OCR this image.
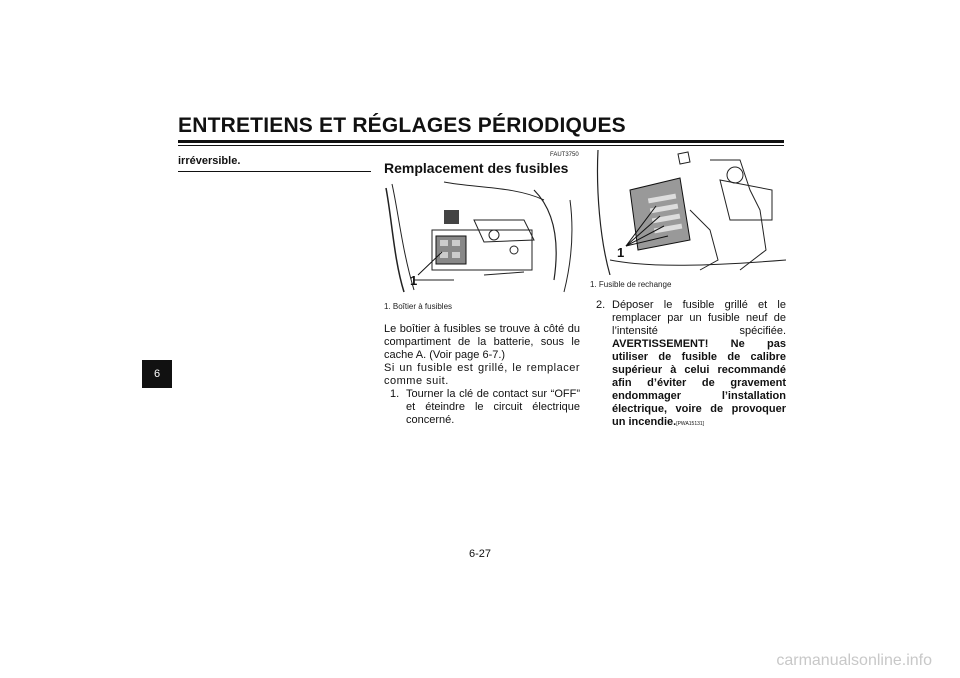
ENTRETIENS ET RÉGLAGES PÉRIODIQUES
6
irréversible.	FAUT3750
Remplacement des fusibles
1
1. Boîtier à fusibles
Le boîtier à fusibles se trouve à côté du compartiment de la batterie, sous le cache A. (Voir page 6-7.)
Si un fusible est grillé, le remplacer comme suit.
1. Tourner la clé de contact sur “OFF” et éteindre le circuit électrique concerné.
1
1. Fusible de rechange
2. Déposer le fusible grillé et le remplacer par un fusible neuf de l’intensité spécifiée. AVERTISSEMENT! Ne pas utiliser de fusible de calibre supérieur à celui recommandé afin d’éviter de gravement endommager l’installation électrique, voire de provoquer un incendie.[PWA15131]
6-27
carmanualsonline.info
